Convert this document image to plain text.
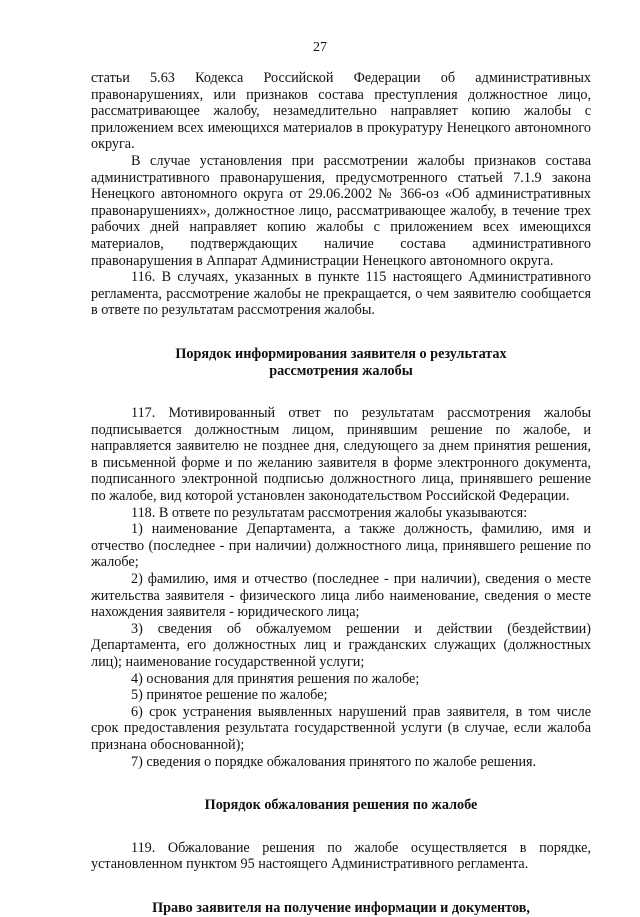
27

статьи 5.63 Кодекса Российской Федерации об административных правонарушениях, или признаков состава преступления должностное лицо, рассматривающее жалобу, незамедлительно направляет копию жалобы с приложением всех имеющихся материалов в прокуратуру Ненецкого автономного округа.

В случае установления при рассмотрении жалобы признаков состава административного правонарушения, предусмотренного статьей 7.1.9 закона Ненецкого автономного округа от 29.06.2002 № 366-оз «Об административных правонарушениях», должностное лицо, рассматривающее жалобу, в течение трех рабочих дней направляет копию жалобы с приложением всех имеющихся материалов, подтверждающих наличие состава административного правонарушения в Аппарат Администрации Ненецкого автономного округа.

116. В случаях, указанных в пункте 115 настоящего Административного регламента, рассмотрение жалобы не прекращается, о чем заявителю сообщается в ответе по результатам рассмотрения жалобы.

Порядок информирования заявителя о результатах
рассмотрения жалобы

117. Мотивированный ответ по результатам рассмотрения жалобы подписывается должностным лицом, принявшим решение по жалобе, и направляется заявителю не позднее дня, следующего за днем принятия решения, в письменной форме и по желанию заявителя в форме электронного документа, подписанного электронной подписью должностного лица, принявшего решение по жалобе, вид которой установлен законодательством Российской Федерации.

118. В ответе по результатам рассмотрения жалобы указываются:

1) наименование Департамента, а также должность, фамилию, имя и отчество (последнее - при наличии) должностного лица, принявшего решение по жалобе;

2) фамилию, имя и отчество (последнее - при наличии), сведения о месте жительства заявителя - физического лица либо наименование, сведения о месте нахождения заявителя - юридического лица;

3) сведения об обжалуемом решении и действии (бездействии) Департамента, его должностных лиц и гражданских служащих (должностных лиц); наименование государственной услуги;

4) основания для принятия решения по жалобе;

5) принятое решение по жалобе;

6) срок устранения выявленных нарушений прав заявителя, в том числе срок предоставления результата государственной услуги (в случае, если жалоба признана обоснованной);

7) сведения о порядке обжалования принятого по жалобе решения.

Порядок обжалования решения по жалобе

119. Обжалование решения по жалобе осуществляется в порядке, установленном пунктом 95 настоящего Административного регламента.

Право заявителя на получение информации и документов,
